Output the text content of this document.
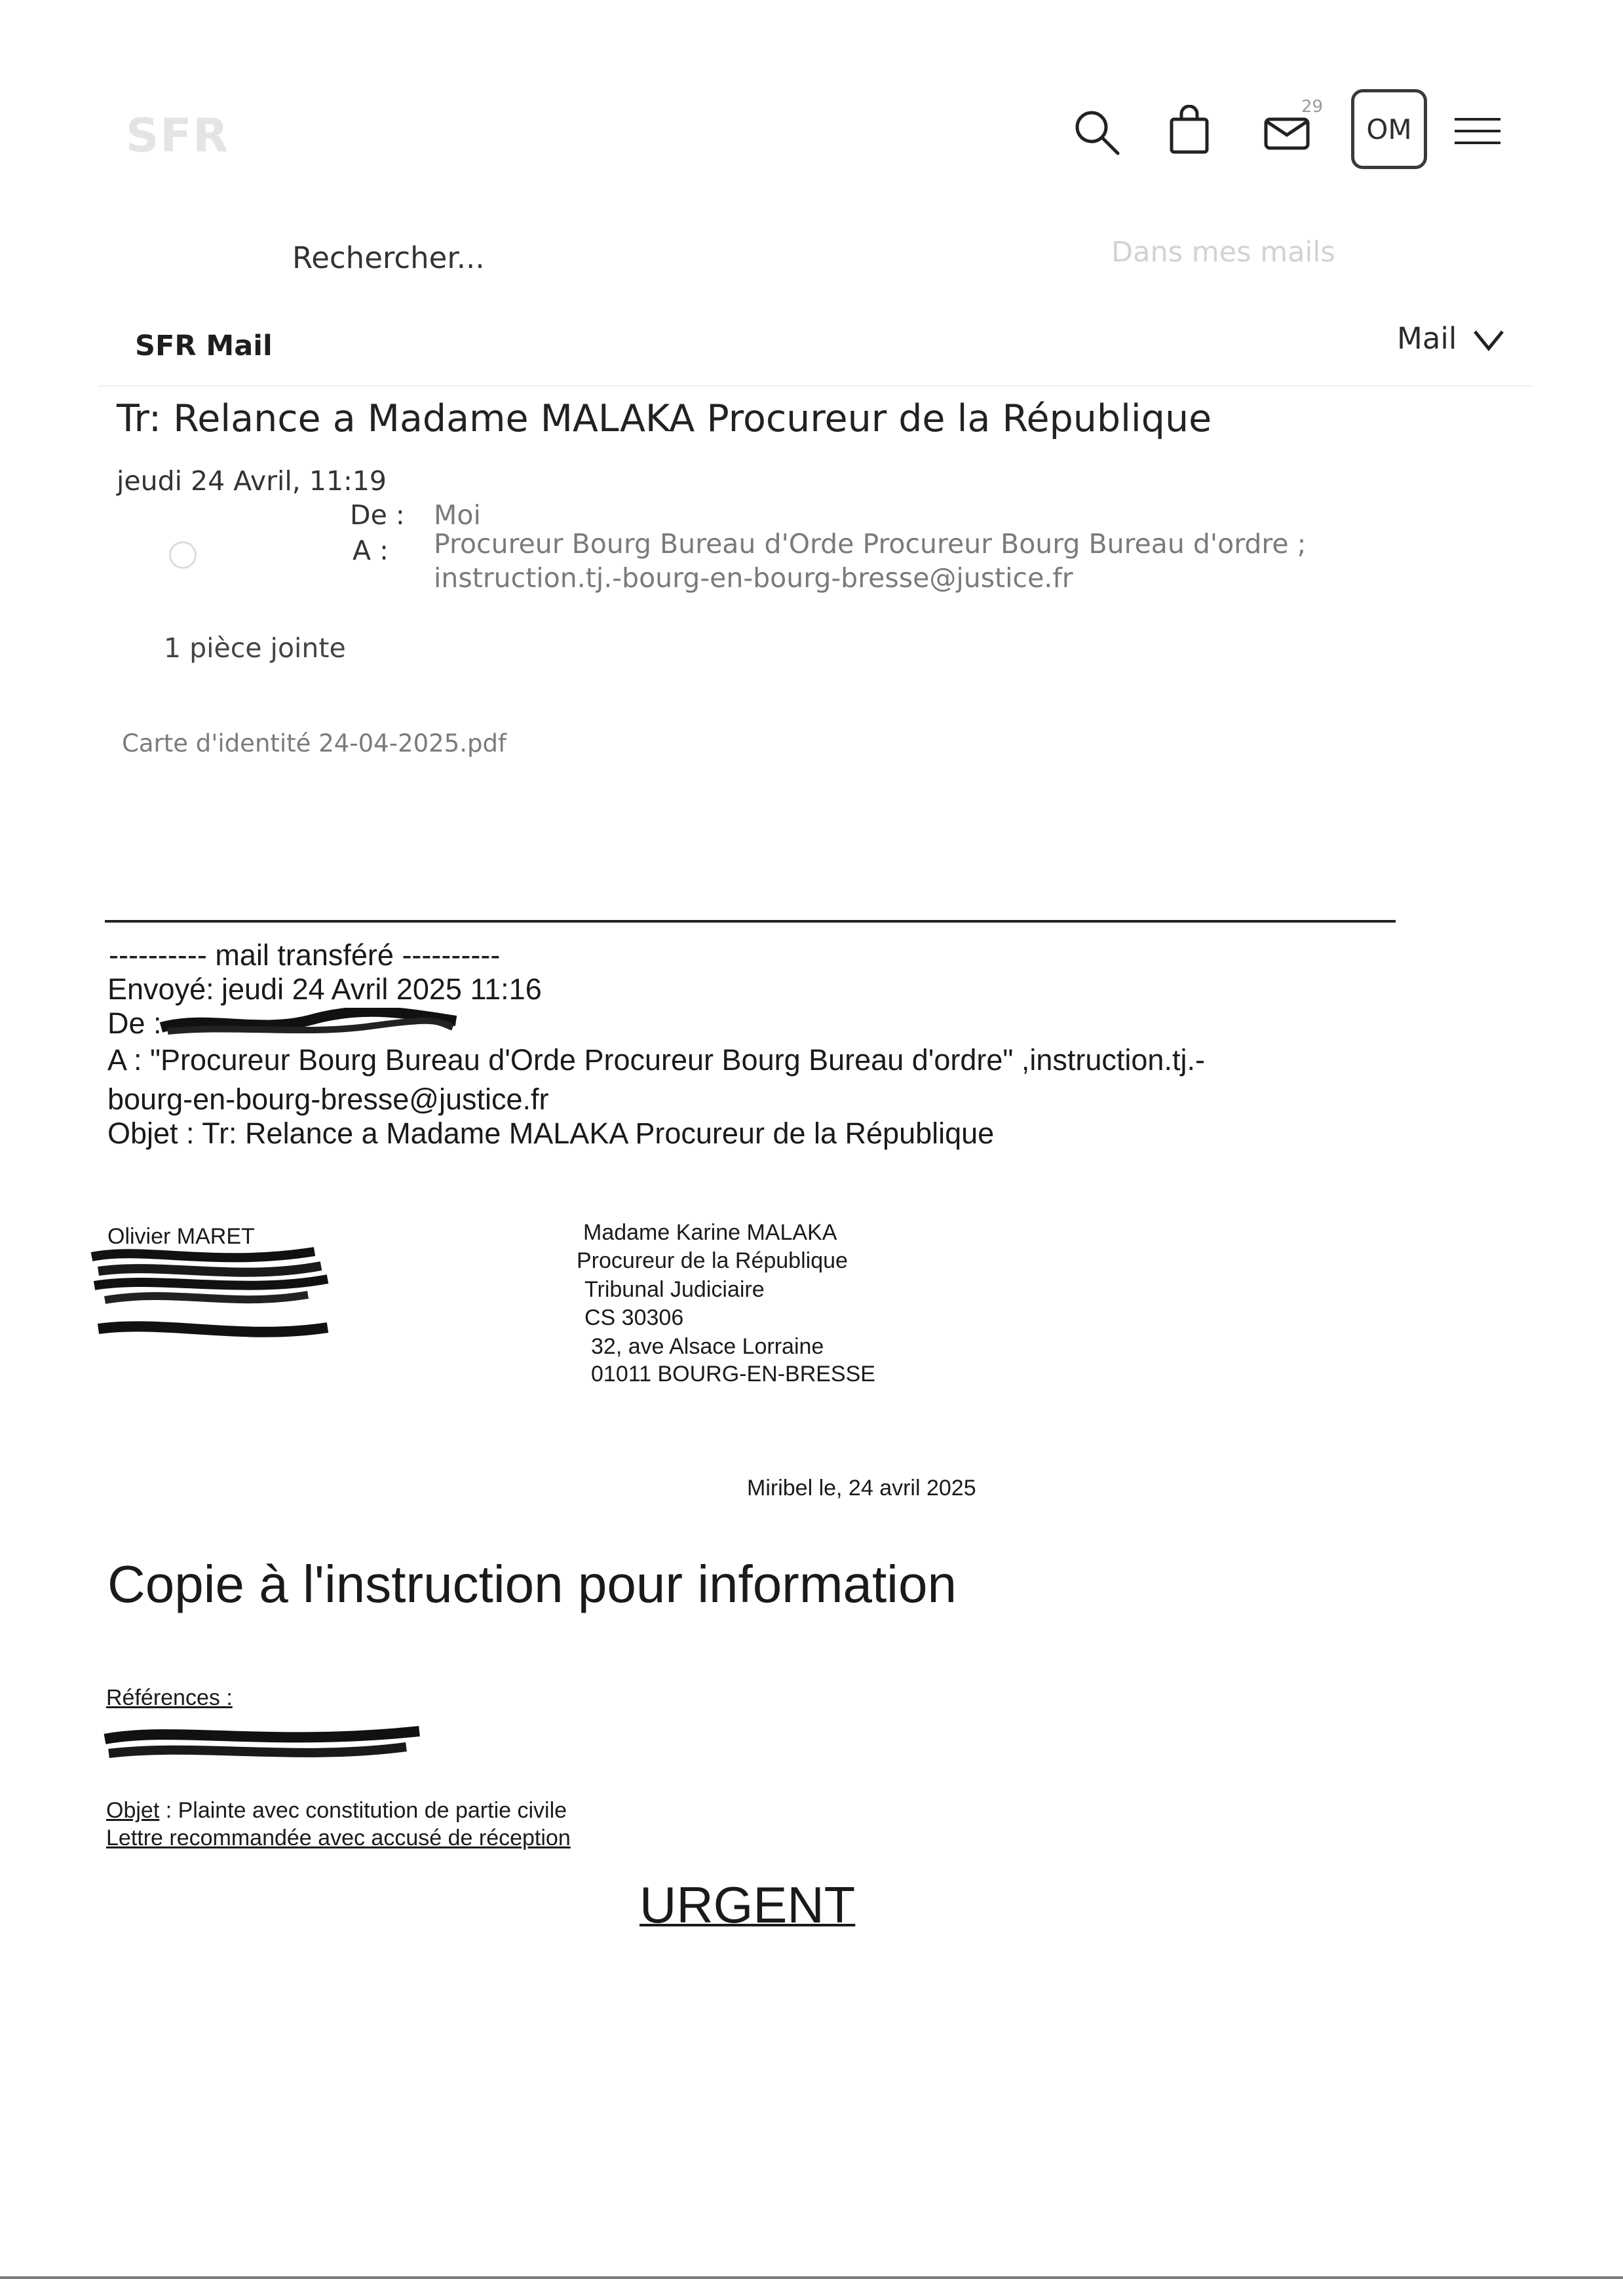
SFR
29
OM
Rechercher...	Dans mes mails
SFR Mail	Mail
Tr: Relance a Madame MALAKA Procureur de la République
jeudi 24 Avril, 11:19
De : Moi
A : Procureur Bourg Bureau d'Orde Procureur Bourg Bureau d'ordre ;
instruction.tj.-bourg-en-bourg-bresse@justice.fr
1 pièce jointe
Carte d'identité 24-04-2025.pdf
---------- mail transféré ----------
Envoyé: jeudi 24 Avril 2025 11:16
De :
A : "Procureur Bourg Bureau d'Orde Procureur Bourg Bureau d'ordre" ,instruction.tj.-
bourg-en-bourg-bresse@justice.fr
Objet : Tr: Relance a Madame MALAKA Procureur de la République
Olivier MARET	Madame Karine MALAKA
Procureur de la République
Tribunal Judiciaire
CS 30306
32, ave Alsace Lorraine
01011 BOURG-EN-BRESSE
Miribel le, 24 avril 2025
Copie à l'instruction pour information
Références :
Objet : Plainte avec constitution de partie civile
Lettre recommandée avec accusé de réception
URGENT
